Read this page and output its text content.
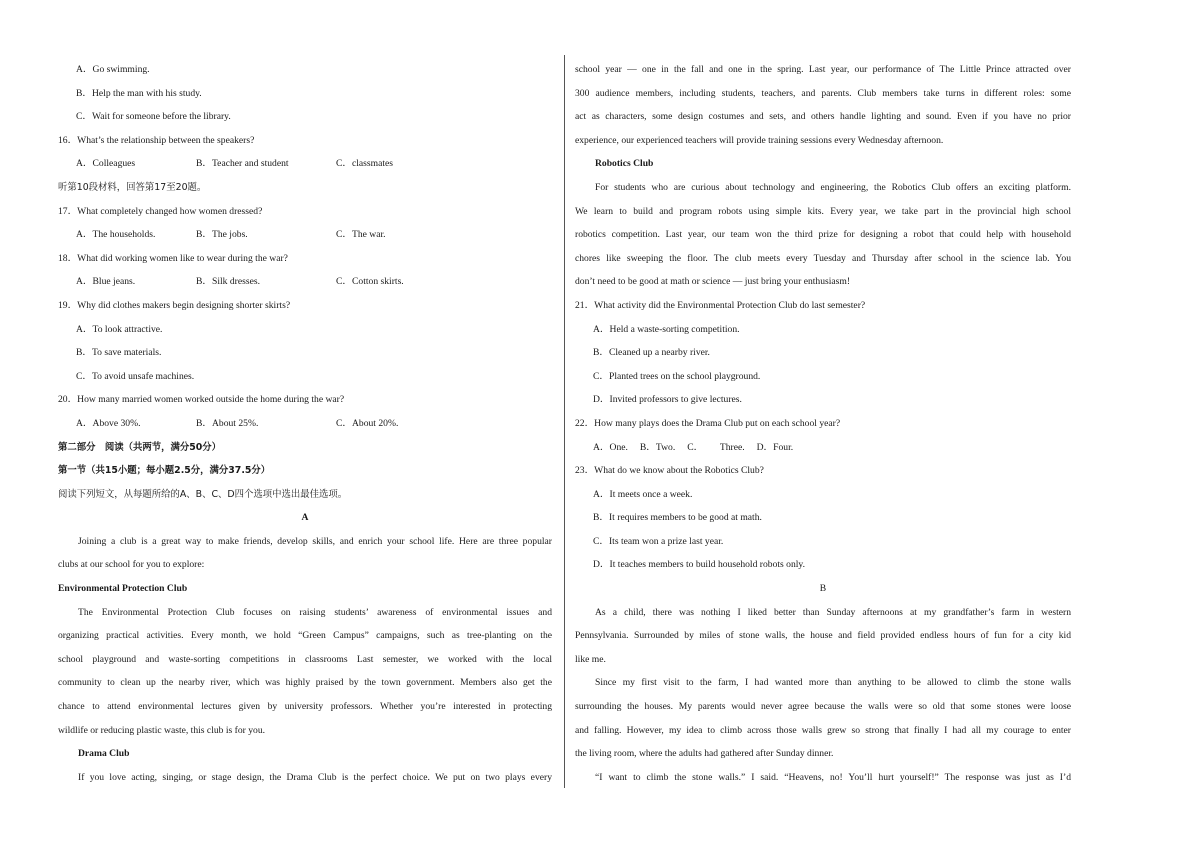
A．Go swimming.
B．Help the man with his study.
C．Wait for someone before the library.
16．What’s the relationship between the speakers?
A．Colleagues	B．Teacher and student	C．classmates
听第10段材料，回答第17至20题。
17．What completely changed how women dressed?
A．The households.	B．The jobs.	C．The war.
18．What did working women like to wear during the war?
A．Blue jeans.	B．Silk dresses.	C．Cotton skirts.
19．Why did clothes makers begin designing shorter skirts?
A．To look attractive.
B．To save materials.
C．To avoid unsafe machines.
20．How many married women worked outside the home during the war?
A．Above 30%.	B．About 25%.	C．About 20%.
第二部分　阅读（共两节，满分50分）
第一节（共15小题；每小题2.5分，满分37.5分）
阅读下列短文，从每题所给的A、B、C、D四个选项中选出最佳选项。
A
Joining a club is a great way to make friends, develop skills, and enrich your school life. Here are three popular
clubs at our school for you to explore:
Environmental Protection Club
The Environmental Protection Club focuses on raising students’ awareness of environmental issues and
organizing practical activities. Every month, we hold “Green Campus” campaigns, such as tree-planting on the
school playground and waste-sorting competitions in classrooms Last semester, we worked with the local
community to clean up the nearby river, which was highly praised by the town government. Members also get the
chance to attend environmental lectures given by university professors. Whether you’re interested in protecting
wildlife or reducing plastic waste, this club is for you.
Drama Club
If you love acting, singing, or stage design, the Drama Club is the perfect choice. We put on two plays every
school year — one in the fall and one in the spring. Last year, our performance of The Little Prince attracted over
300 audience members, including students, teachers, and parents. Club members take turns in different roles: some
act as characters, some design costumes and sets, and others handle lighting and sound. Even if you have no prior
experience, our experienced teachers will provide training sessions every Wednesday afternoon.
Robotics Club
For students who are curious about technology and engineering, the Robotics Club offers an exciting platform.
We learn to build and program robots using simple kits. Every year, we take part in the provincial high school
robotics competition. Last year, our team won the third prize for designing a robot that could help with household
chores like sweeping the floor. The club meets every Tuesday and Thursday after school in the science lab. You
don’t need to be good at math or science — just bring your enthusiasm!
21．What activity did the Environmental Protection Club do last semester?
A．Held a waste-sorting competition.
B．Cleaned up a nearby river.
C．Planted trees on the school playground.
D．Invited professors to give lectures.
22．How many plays does the Drama Club put on each school year?
A．One.   B．Two.   C．    Three.   D．Four.
23．What do we know about the Robotics Club?
A．It meets once a week.
B．It requires members to be good at math.
C．Its team won a prize last year.
D．It teaches members to build household robots only.
B
As a child, there was nothing I liked better than Sunday afternoons at my grandfather’s farm in western
Pennsylvania. Surrounded by miles of stone walls, the house and field provided endless hours of fun for a city kid
like me.
Since my first visit to the farm, I had wanted more than anything to be allowed to climb the stone walls
surrounding the houses. My parents would never agree because the walls were so old that some stones were loose
and falling. However, my idea to climb across those walls grew so strong that finally I had all my courage to enter
the living room, where the adults had gathered after Sunday dinner.
“I want to climb the stone walls.” I said. “Heavens, no! You’ll hurt yourself!” The response was just as I’d
